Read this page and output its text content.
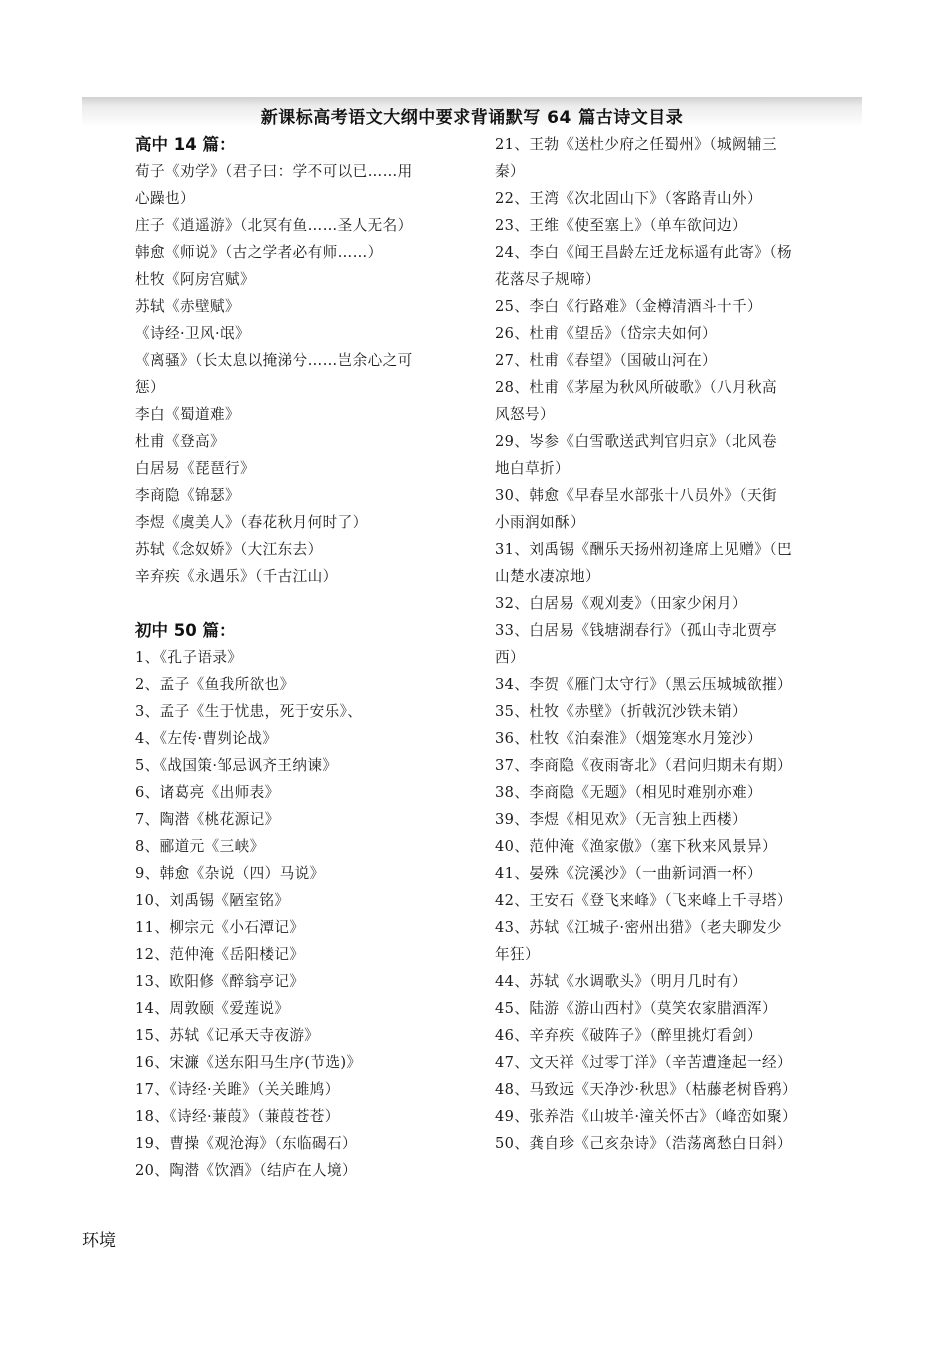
新课标高考语文大纲中要求背诵默写 64 篇古诗文目录
高中 14 篇：
荀子《劝学》（君子曰：学不可以已……用
心躁也）
庄子《逍遥游》（北冥有鱼……圣人无名）
韩愈《师说》（古之学者必有师……）
杜牧《阿房宫赋》
苏轼《赤壁赋》
《诗经·卫风·氓》
《离骚》（长太息以掩涕兮……岂余心之可
惩）
李白《蜀道难》
杜甫《登高》
白居易《琵琶行》
李商隐《锦瑟》
李煜《虞美人》（春花秋月何时了）
苏轼《念奴娇》（大江东去）
辛弃疾《永遇乐》（千古江山）
初中 50 篇：
1、《孔子语录》
2、孟子《鱼我所欲也》
3、孟子《生于忧患，死于安乐》、
4、《左传·曹刿论战》
5、《战国策·邹忌讽齐王纳谏》
6、诸葛亮《出师表》
7、陶潜《桃花源记》
8、郦道元《三峡》
9、韩愈《杂说（四）马说》
10、刘禹锡《陋室铭》
11、柳宗元《小石潭记》
12、范仲淹《岳阳楼记》
13、欧阳修《醉翁亭记》
14、周敦颐《爱莲说》
15、苏轼《记承天寺夜游》
16、宋濂《送东阳马生序(节选)》
17、《诗经·关雎》（关关雎鸠）
18、《诗经·蒹葭》（蒹葭苍苍）
19、曹操《观沧海》（东临碣石）
20、陶潜《饮酒》（结庐在人境）
21、王勃《送杜少府之任蜀州》（城阙辅三
秦）
22、王湾《次北固山下》（客路青山外）
23、王维《使至塞上》（单车欲问边）
24、李白《闻王昌龄左迁龙标遥有此寄》（杨
花落尽子规啼）
25、李白《行路难》（金樽清酒斗十千）
26、杜甫《望岳》（岱宗夫如何）
27、杜甫《春望》（国破山河在）
28、杜甫《茅屋为秋风所破歌》（八月秋高
风怒号）
29、岑参《白雪歌送武判官归京》（北风卷
地白草折）
30、韩愈《早春呈水部张十八员外》（天街
小雨润如酥）
31、刘禹锡《酬乐天扬州初逢席上见赠》（巴
山楚水凄凉地）
32、白居易《观刈麦》（田家少闲月）
33、白居易《钱塘湖春行》（孤山寺北贾亭
西）
34、李贺《雁门太守行》（黑云压城城欲摧）
35、杜牧《赤壁》（折戟沉沙铁未销）
36、杜牧《泊秦淮》（烟笼寒水月笼沙）
37、李商隐《夜雨寄北》（君问归期未有期）
38、李商隐《无题》（相见时难别亦难）
39、李煜《相见欢》（无言独上西楼）
40、范仲淹《渔家傲》（塞下秋来风景异）
41、晏殊《浣溪沙》（一曲新词酒一杯）
42、王安石《登飞来峰》（飞来峰上千寻塔）
43、苏轼《江城子·密州出猎》（老夫聊发少
年狂）
44、苏轼《水调歌头》（明月几时有）
45、陆游《游山西村》（莫笑农家腊酒浑）
46、辛弃疾《破阵子》（醉里挑灯看剑）
47、文天祥《过零丁洋》（辛苦遭逢起一经）
48、马致远《天净沙·秋思》（枯藤老树昏鸦）
49、张养浩《山坡羊·潼关怀古》（峰峦如聚）
50、龚自珍《己亥杂诗》（浩荡离愁白日斜）
环境
